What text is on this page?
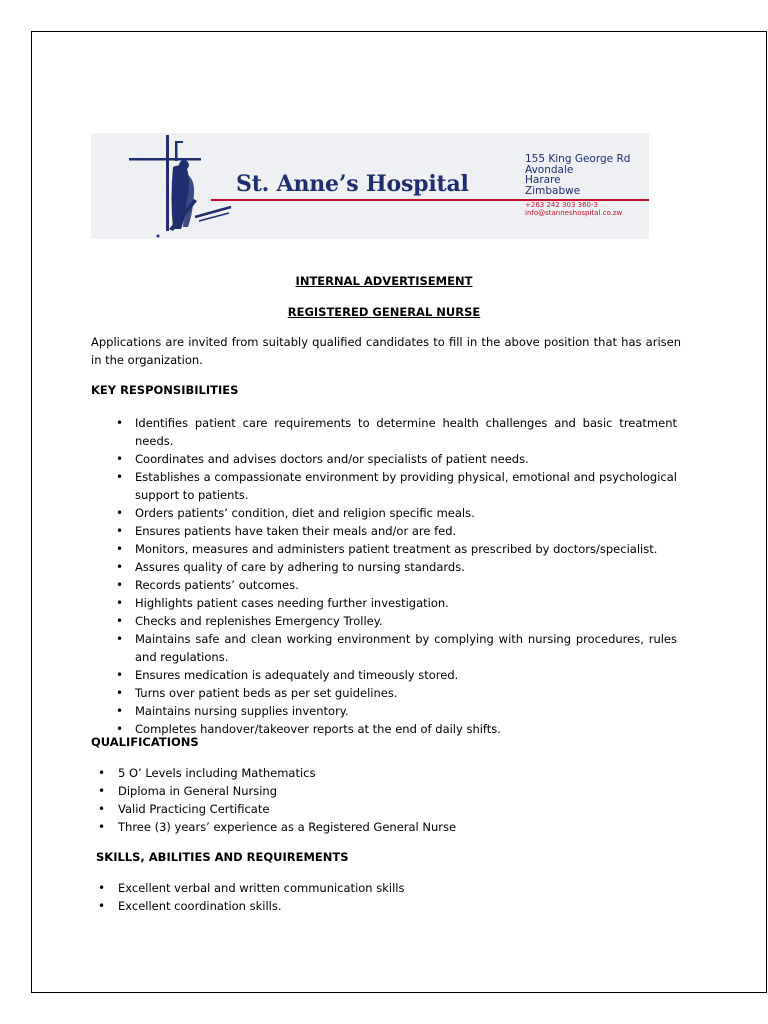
St. Anne’s Hospital
155 King George Rd
Avondale
Harare
Zimbabwe
+263 242 303 360-3
info@stanneshospital.co.zw
INTERNAL ADVERTISEMENT
REGISTERED GENERAL NURSE
Applications are invited from suitably qualified candidates to fill in the above position that has arisen in the organization.
KEY RESPONSIBILITIES
• Identifies patient care requirements to determine health challenges and basic treatment needs.
• Coordinates and advises doctors and/or specialists of patient needs.
• Establishes a compassionate environment by providing physical, emotional and psychological support to patients.
• Orders patients’ condition, diet and religion specific meals.
• Ensures patients have taken their meals and/or are fed.
• Monitors, measures and administers patient treatment as prescribed by doctors/specialist.
• Assures quality of care by adhering to nursing standards.
• Records patients’ outcomes.
• Highlights patient cases needing further investigation.
• Checks and replenishes Emergency Trolley.
• Maintains safe and clean working environment by complying with nursing procedures, rules and regulations.
• Ensures medication is adequately and timeously stored.
• Turns over patient beds as per set guidelines.
• Maintains nursing supplies inventory.
• Completes handover/takeover reports at the end of daily shifts.
QUALIFICATIONS
• 5 O’ Levels including Mathematics
• Diploma in General Nursing
• Valid Practicing Certificate
• Three (3) years’ experience as a Registered General Nurse
SKILLS, ABILITIES AND REQUIREMENTS
• Excellent verbal and written communication skills
• Excellent coordination skills.
